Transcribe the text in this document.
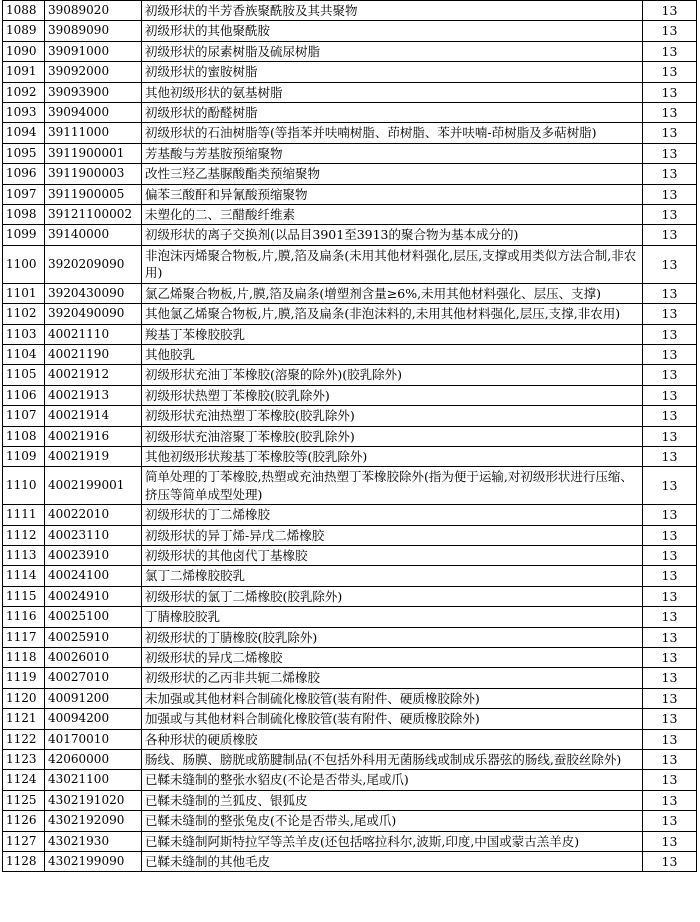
1088	39089020	初级形状的半芳香族聚酰胺及其共聚物	13
1089	39089090	初级形状的其他聚酰胺	13
1090	39091000	初级形状的尿素树脂及硫尿树脂	13
1091	39092000	初级形状的蜜胺树脂	13
1092	39093900	其他初级形状的氨基树脂	13
1093	39094000	初级形状的酚醛树脂	13
1094	39111000	初级形状的石油树脂等(等指苯并呋喃树脂、茚树脂、苯并呋喃-茚树脂及多萜树脂)	13
1095	3911900001	芳基酸与芳基胺预缩聚物	13
1096	3911900003	改性三羟乙基脲酸酯类预缩聚物	13
1097	3911900005	偏苯三酸酐和异氰酸预缩聚物	13
1098	39121100002	未塑化的二、三醋酸纤维素	13
1099	39140000	初级形状的离子交换剂(以品目3901至3913的聚合物为基本成分的)	13
1100	3920209090	非泡沫丙烯聚合物板,片,膜,箔及扁条(未用其他材料强化,层压,支撑或用类似方法合制,非农用)	13
1101	3920430090	氯乙烯聚合物板,片,膜,箔及扁条(增塑剂含量≥6%,未用其他材料强化、层压、支撑)	13
1102	3920490090	其他氯乙烯聚合物板,片,膜,箔及扁条(非泡沫料的,未用其他材料强化,层压,支撑,非农用)	13
1103	40021110	羧基丁苯橡胶胶乳	13
1104	40021190	其他胶乳	13
1105	40021912	初级形状充油丁苯橡胶(溶聚的除外)(胶乳除外)	13
1106	40021913	初级形状热塑丁苯橡胶(胶乳除外)	13
1107	40021914	初级形状充油热塑丁苯橡胶(胶乳除外)	13
1108	40021916	初级形状充油溶聚丁苯橡胶(胶乳除外)	13
1109	40021919	其他初级形状羧基丁苯橡胶等(胶乳除外)	13
1110	4002199001	简单处理的丁苯橡胶,热塑或充油热塑丁苯橡胶除外(指为便于运输,对初级形状进行压缩、挤压等简单成型处理)	13
1111	40022010	初级形状的丁二烯橡胶	13
1112	40023110	初级形状的异丁烯-异戊二烯橡胶	13
1113	40023910	初级形状的其他卤代丁基橡胶	13
1114	40024100	氯丁二烯橡胶胶乳	13
1115	40024910	初级形状的氯丁二烯橡胶(胶乳除外)	13
1116	40025100	丁腈橡胶胶乳	13
1117	40025910	初级形状的丁腈橡胶(胶乳除外)	13
1118	40026010	初级形状的异戊二烯橡胶	13
1119	40027010	初级形状的乙丙非共轭二烯橡胶	13
1120	40091200	未加强或其他材料合制硫化橡胶管(装有附件、硬质橡胶除外)	13
1121	40094200	加强或与其他材料合制硫化橡胶管(装有附件、硬质橡胶除外)	13
1122	40170010	各种形状的硬质橡胶	13
1123	42060000	肠线、肠膜、膀胱或筋腱制品(不包括外科用无菌肠线或制成乐器弦的肠线,蚕胶丝除外)	13
1124	43021100	已鞣未缝制的整张水貂皮(不论是否带头,尾或爪)	13
1125	4302191020	已鞣未缝制的兰狐皮、银狐皮	13
1126	4302192090	已鞣未缝制的整张兔皮(不论是否带头,尾或爪)	13
1127	43021930	已鞣未缝制阿斯特拉罕等羔羊皮(还包括喀拉科尔,波斯,印度,中国或蒙古羔羊皮)	13
1128	4302199090	已鞣未缝制的其他毛皮	13
